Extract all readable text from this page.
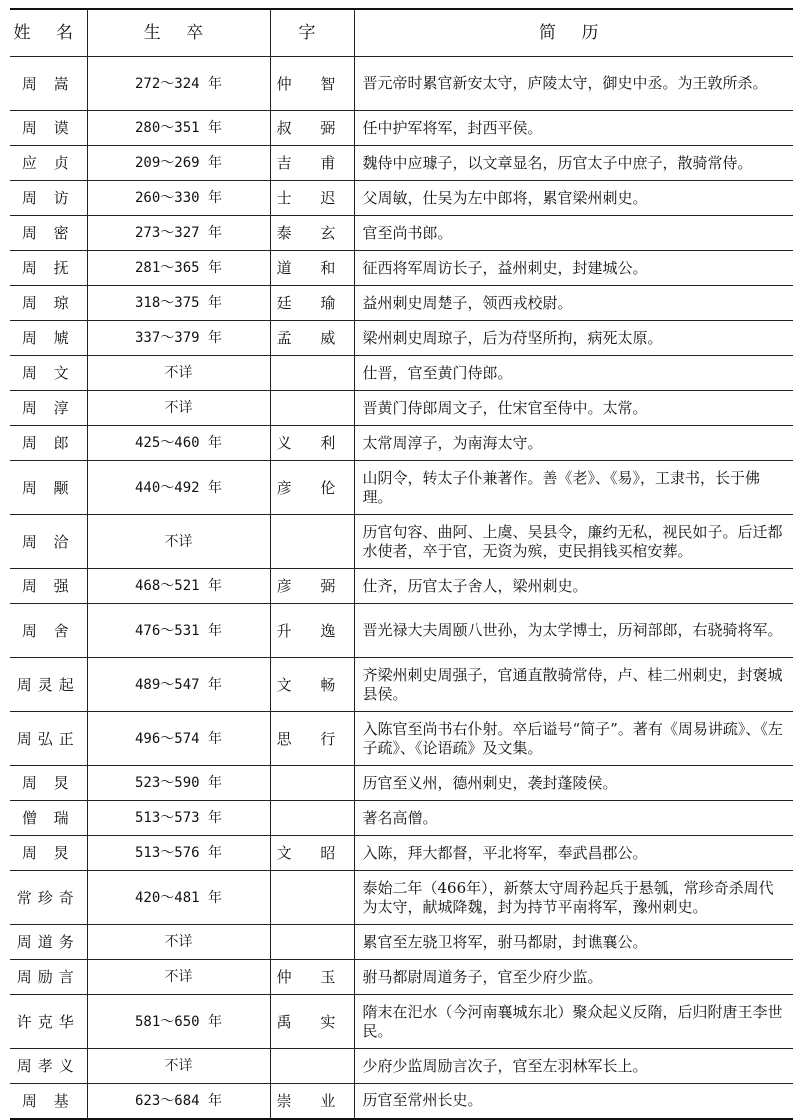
姓 名	生 卒	字	简 历
周 嵩	272～324 年	仲 智	晋元帝时累官新安太守，庐陵太守，御史中丞。为王敦所杀。
周 谟	280～351 年	叔 弼	任中护军将军，封西平侯。
应 贞	209～269 年	吉 甫	魏侍中应璩子，以文章显名，历官太子中庶子，散骑常侍。
周 访	260～330 年	士 迟	父周敏，仕吴为左中郎将，累官梁州刺史。
周 密	273～327 年	泰 玄	官至尚书郎。
周 抚	281～365 年	道 和	征西将军周访长子，益州刺史，封建城公。
周 琼	318～375 年	廷 瑜	益州刺史周楚子，领西戎校尉。
周 虓	337～379 年	孟 威	梁州刺史周琼子，后为苻坚所拘，病死太原。
周 文	不详		仕晋，官至黄门侍郎。
周 淳	不详		晋黄门侍郎周文子，仕宋官至侍中。太常。
周 郎	425～460 年	义 利	太常周淳子，为南海太守。
周 颙	440～492 年	彦 伦	山阴令，转太子仆兼著作。善《老》、《易》，工隶书，长于佛理。
周 洽	不详		历官句容、曲阿、上虞、吴县令，廉约无私，视民如子。后迁都水使者，卒于官，无资为殡，吏民捐钱买棺安葬。
周 强	468～521 年	彦 弼	仕齐，历官太子舍人，梁州刺史。
周 舍	476～531 年	升 逸	晋光禄大夫周颐八世孙，为太学博士，历祠部郎，右骁骑将军。
周灵起	489～547 年	文 畅	齐梁州刺史周强子，官通直散骑常侍，卢、桂二州刺史，封褒城县侯。
周弘正	496～574 年	思 行	入陈官至尚书右仆射。卒后谥号“简子”。著有《周易讲疏》、《左子疏》、《论语疏》及文集。
周 炅	523～590 年		历官至义州，德州刺史，袭封蓬陵侯。
僧 瑞	513～573 年		著名高僧。
周 炅	513～576 年	文 昭	入陈，拜大都督，平北将军，奉武昌郡公。
常珍奇	420～481 年		泰始二年（466年），新蔡太守周矜起兵于悬瓠，常珍奇杀周代为太守，献城降魏，封为持节平南将军，豫州刺史。
周道务	不详		累官至左骁卫将军，驸马都尉，封谯襄公。
周励言	不详	仲 玉	驸马都尉周道务子，官至少府少监。
许克华	581～650 年	禹 实	隋末在汜水（今河南襄城东北）聚众起义反隋，后归附唐王李世民。
周孝义	不详		少府少监周励言次子，官至左羽林军长上。
周 基	623～684 年	崇 业	历官至常州长史。
